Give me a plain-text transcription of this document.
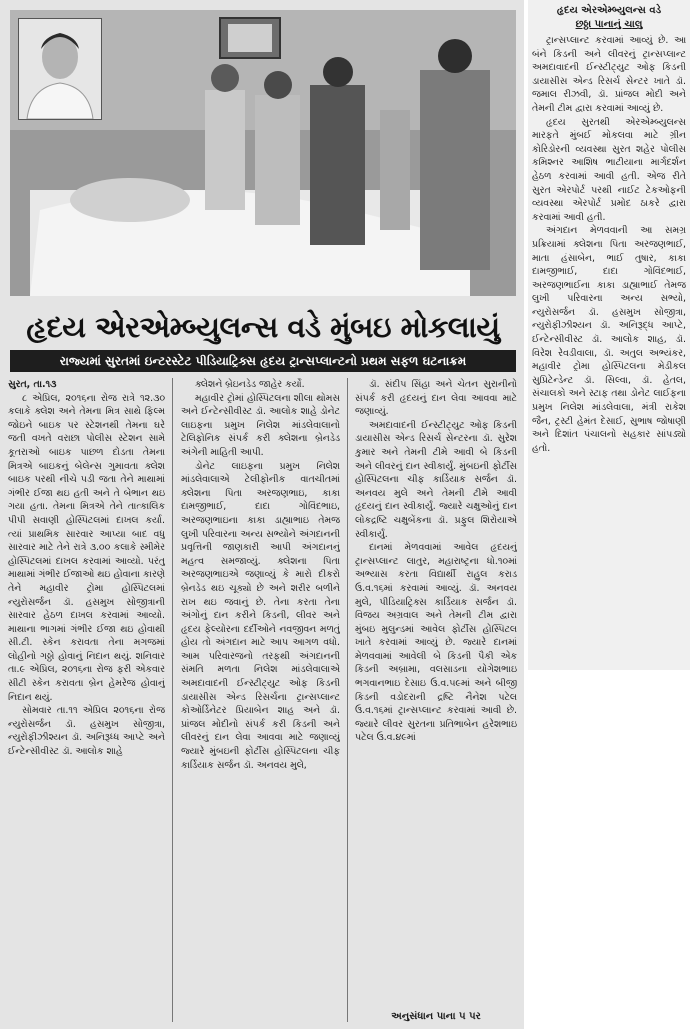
હૃદય એરએમ્બ્યુલન્સ વડે મુંબઇ મોકલાયું
રાજ્યમાં સુરતમાં ઇન્ટરસ્ટેટ પીડિયાટ્રિક્સ હૃદય ટ્રાન્સપ્લાન્ટનો પ્રથમ સફળ ઘટનાક્રમ

સુરત, તા.૧૩

૮ એપ્રિલ, ૨૦૧૬ના રોજ રાત્રે ૧૨.૩૦ કલાકે ક્લેશ અને તેમના મિત્ર સાથે ફિલ્મ જોઇને બાઇક પર સ્ટેશનથી તેમના ઘરે જતી વખતે વરાછા પોલીસ સ્ટેશન સામે કૂતરાઓ બાઇક પાછળ દોડતા તેમના મિત્રએ બાઇકનું બેલેન્સ ગુમાવતા ક્લેશ બાઇક પરથી નીચે પડી જતા તેને માથામાં ગંભીર ઈજા થઇ હતી અને તે બેભાન થઇ ગયા હતા. તેમના મિત્રએ તેને તાત્કાલિક પીપી સવાણી હોસ્પિટલમાં દાખલ કર્યા. ત્યાં પ્રાથમિક સારવાર આપ્યા બાદ વધુ સારવાર માટે તેને રાત્રે ૩.૦૦ કલાકે સ્મીમેર હોસ્પિટલમાં દાખલ કરવામાં આવ્યો. પરંતુ માથામાં ગંભીર ઈજાઓ થઇ હોવાના કારણે તેને મહાવીર ટ્રોમા હોસ્પિટલમાં ન્યુરોસર્જન ડૉ. હસમુખ સોજીત્રાની સારવાર હેઠળ દાખલ કરવામાં આવ્યો. માથાના ભાગમાં ગંભીર ઈજા થઇ હોવાથી સી.ટી. સ્કેન કરાવતા તેના મગજમાં લોહીનો ગઠ્ઠો હોવાનું નિદાન થયું. શનિવાર તા.૯ એપ્રિલ, ૨૦૧૬ના રોજ ફરી એકવાર સીટી સ્કેન કરાવતા બ્રેન હેમરેજ હોવાનું નિદાન થયું.

સોમવાર તા.૧૧ એપ્રિલ ૨૦૧૬ના રોજ ન્યુરોસર્જન ડૉ. હસમુખ સોજીત્રા, ન્યુરોફીઝીશ્યન ડૉ. અનિરૂધ્ધ આપ્ટે અને ઈન્ટેન્સીવીસ્ટ ડૉ. આલોક શાહે

ક્લેશને બ્રેઇનડેડ જાહેર કર્યો.

મહાવીર ટ્રોમાં હોસ્પિટલના શીલા થોમસ અને ઈન્ટેન્સીવીસ્ટ ડૉ. આલોક શાહે ડોનેટ લાઇફના પ્રમુખ નિલેશ માંડલેવાલાનો ટેલિફોનિક સંપર્ક કરી ક્લેશના બ્રેનડેડ અંગેની માહિતી આપી.

ડોનેટ લાઇફના પ્રમુખ નિલેશ માંડલેવાલાએ ટેલીફોનીક વાતચીતમાં ક્લેશના પિતા અરજણભાઇ, કાકા દામજીભાઈ, દાદા ગોવિંદભાઇ, અરજણભાઇના કાકા ડાહ્યાભાઇ તેમજ લુખી પરિવારના અન્ય સભ્યોને અંગદાનની પ્રવૃત્તિની જાણકારી આપી અંગદાનનું મહત્વ સમજાવ્યું. ક્લેશના પિતા અરજણભાઇએ જણાવ્યું કે મારો દીકરો બ્રેનડેડ થઇ ચૂક્યો છે અને શરીર બળીને રાખ થઇ જવાનું છે. તેના કરતા તેના અંગોનું દાન કરીને કિડની, લીવર અને હૃદય ફેલ્યોરના દર્દીઓને નવજીવન મળતું હોય તો અંગદાન માટે આપ આગળ વધો. આમ પરિવારજનો તરફથી અંગદાનની સંમતિ મળતા નિલેશ માંડલેવાલાએ અમદાવાદની ઈન્સ્ટીટ્યુટ ઓફ કિડની ડાયાસીસ એન્ડ રિસર્ચના ટ્રાન્સપ્લાન્ટ કોઓર્ડિનેટર પ્રિયાબેન શાહ અને ડૉ. પ્રાંજલ મોદીનો સંપર્ક કરી કિડની અને લીવરનું દાન લેવા આવવા માટે જણાવ્યું જ્યારે મુંબઇની ફોર્ટીસ હોસ્પિટલના ચીફ કાર્ડિયાક સર્જન ડૉ. અનવય મુલે,

ડૉ. સંદીપ સિંહા અને ચેતન સુરાનીનો સંપર્ક કરી હૃદયનું દાન લેવા આવવા માટે જણાવ્યું.

અમદાવાદની ઈન્સ્ટીટ્યુટ ઓફ કિડની ડાયાસીસ એન્ડ રિસર્ચ સેન્ટરના ડૉ. સુરેશ કુમાર અને તેમની ટીમે આવી બે કિડની અને લીવરનું દાન સ્વીકાર્યું. મુંબઇની ફોર્ટીસ હોસ્પિટલના ચીફ કાર્ડિયાક સર્જન ડૉ. અનવય મુલે અને તેમની ટીમે આવી હૃદયનું દાન સ્વીકાર્યું. જ્યારે ચક્ષુઓનું દાન લોકદ્રષ્ટિ ચક્ષુબેંકના ડૉ. પ્રફુલ શિરોયાએ સ્વીકાર્યું.

દાનમાં મેળવવામાં આવેલ હૃદયનું ટ્રાન્સપ્લાન્ટ લાતુર, મહારાષ્ટ્રના ધો.૧૦માં અભ્યાસ કરતા વિદ્યાર્થી રાહુલ કરાડ ઉ.વ.૧૬માં કરવામાં આવ્યું. ડૉ. અનવય મુલે, પીડિયાટ્રિક્સ કાર્ડિયાક સર્જન ડૉ. વિજય અગ્રવાલ અને તેમની ટીમ દ્વારા મુંબઇ મુલુન્ડમાં આવેલ ફોર્ટીસ હોસ્પિટલ ખાતે કરવામાં આવ્યું છે. જ્યારે દાનમાં મેળવવામાં આવેલી બે કિડની પૈકી એક કિડની અબ્રામા, વલસાડના યોગેશભાઇ ભગવાનભાઇ દેસાઇ ઉ.વ.૫૯માં અને બીજી કિડની વડોદરાની દ્રષ્ટિ નૈનેશ પટેલ ઉ.વ.૧૬માં ટ્રાન્સપ્લાન્ટ કરવામાં આવી છે. જ્યારે લીવર સુરતના પ્રતિભાબેન હરેશભાઇ પટેલ ઉ.વ.૪૯માં

અનુસંધાન પાના ૫ પર
હૃદય એરએમ્બ્યુલન્સ વડે
છઠ્ઠા પાનાનું ચાલુ

ટ્રાન્સપ્લાન્ટ કરવામાં આવ્યું છે. આ બંને કિડની અને લીવરનું ટ્રાન્સપ્લાન્ટ અમદાવાદની ઈન્સ્ટીટ્યુટ ઓફ કિડની ડાયાસીસ એન્ડ રિસર્ચ સેન્ટર ખાતે ડૉ. જમાલ રીઝવી, ડૉ. પ્રાંજલ મોદી અને તેમની ટીમ દ્વારા કરવામાં આવ્યું છે.

હૃદય સુરતથી એરએમ્બ્યુલન્સ મારફતે મુંબઈ મોકલવા માટે ગ્રીન કોરિડોરની વ્યવસ્થા સુરત શહેર પોલીસ કમિશ્નર આશિષ ભાટીયાના માર્ગદર્શન હેઠળ કરવામાં આવી હતી. એજ રીતે સુરત એરપોર્ટ પરથી નાઈટ ટેકઓફની વ્યવસ્થા એરપોર્ટ પ્રમોદ ઠાકરે દ્વારા કરવામાં આવી હતી.

અંગદાન મેળવવાની આ સમગ્ર પ્રક્રિયામાં ક્લેશના પિતા અરજણભાઈ, માતા હંસાબેન, ભાઈ તુષાર, કાકા દામજીભાઈ, દાદા ગોવિંદભાઈ, અરજણભાઈના કાકા ડાહ્યાભાઈ તેમજ લુખી પરિવારના અન્ય સભ્યો, ન્યુરોસર્જન ડૉ. હસમુખ સોજીત્રા, ન્યુરોફીઝીશ્યન ડૉ. અનિરૂદ્ધ આપ્ટે, ઈન્ટેન્સીવીસ્ટ ડૉ. આલોક શાહ, ડૉ. વિરેશ રેવડીવાલા, ડૉ. અતુલ અભ્યંકર, મહાવીર ટ્રોમા હોસ્પિટલના મેડીકલ સુપ્રિટેન્ડેન્ટ ડૉ. સિલ્વા, ડૉ. હેતલ, સંચાલકો અને સ્ટાફ તથા ડોનેટ લાઈફના પ્રમુખ નિલેશ માંડલેવાલા, મંત્રી રાકેશ જૈન, ટ્રસ્ટી હેમંત દેસાઈ, સુભાષ જોષાણી અને દિશાંત પંચાલનો સહકાર સાંપડ્યો હતો.
